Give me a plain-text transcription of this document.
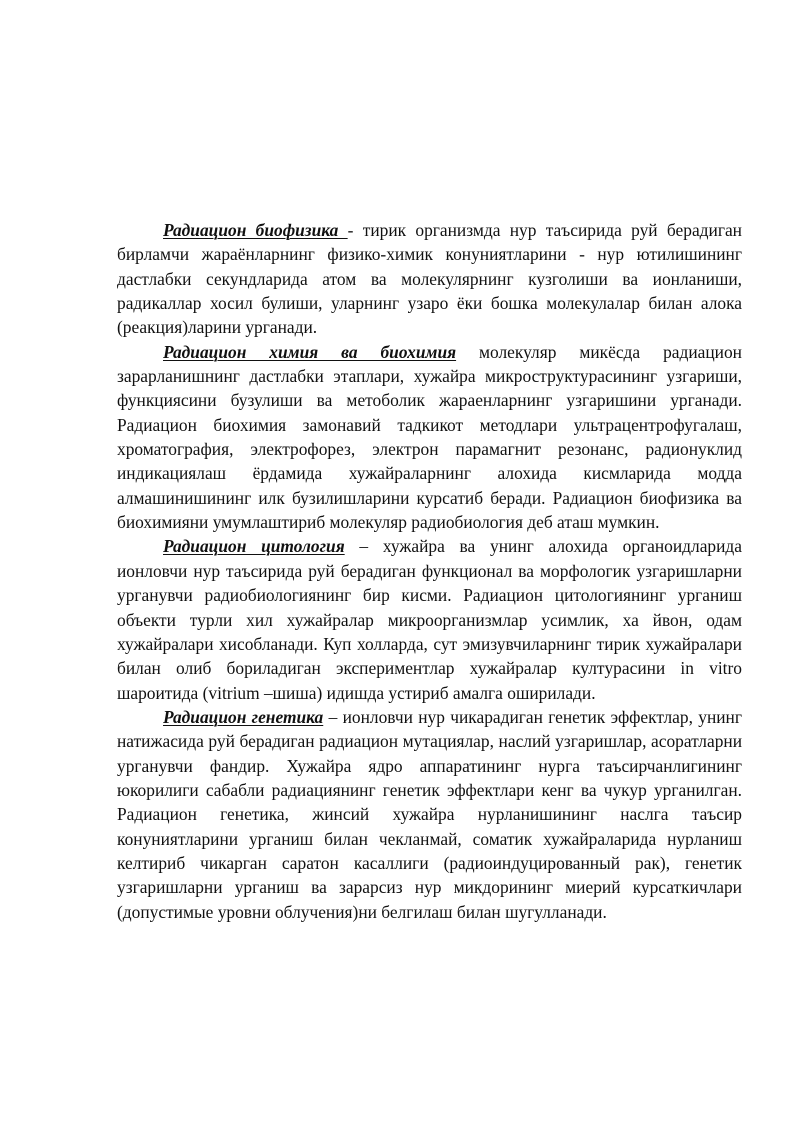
Радиацион биофизика - тирик организмда нур таъсирида руй берадиган бирламчи жараёнларнинг физико-химик конуниятларини - нур ютилишининг дастлабки секундларида атом ва молекулярнинг кузголиши ва ионланиши, радикаллар хосил булиши, уларнинг узаро ёки бошка молекулалар билан алока (реакция)ларини урганади.

Радиацион химия ва биохимия молекуляр микёсда радиацион зарарланишнинг дастлабки этаплари, хужайра микроструктурасининг узгариши, функциясини бузулиши ва метоболик жараенларнинг узгаришини урганади. Радиацион биохимия замонавий тадкикот методлари ультрацентрофугалаш, хроматография, электрофорез, электрон парамагнит резонанс, радионуклид индикациялаш ёрдамида хужайраларнинг алохида кисмларида модда алмашинишининг илк бузилишларини курсатиб беради. Радиацион биофизика ва биохимияни умумлаштириб молекуляр радиобиология деб аташ мумкин.

Радиацион цитология – хужайра ва унинг алохида органоидларида ионловчи нур таъсирида руй берадиган функционал ва морфологик узгаришларни урганувчи радиобиологиянинг бир кисми. Радиацион цитологиянинг урганиш объекти турли хил хужайралар микроорганизмлар усимлик, ха йвон, одам хужайралари хисобланади. Куп холларда, сут эмизувчиларнинг тирик хужайралари билан олиб бориладиган экспериментлар хужайралар култyрасини in vitro шароитида (vitrium –шиша) идишда устириб амалга оширилади.

Радиацион генетика – ионловчи нур чикарадиган генетик эффектлар, унинг натижасида руй берадиган радиацион мутациялар, наслий узгаришлар, асоратларни урганувчи фандир. Хужайра ядро аппаратининг нурга таъсирчанлигининг юкорилиги сабабли радиациянинг генетик эффектлари кенг ва чукур урганилган. Радиацион генетика, жинсий хужайра нурланишининг наслга таъсир конуниятларини урганиш билан чекланмай, соматик хужайраларида нурланиш келтириб чикарган саратон касаллиги (радиоиндуцированный рак), генетик узгаришларни урганиш ва зарарсиз нур микдорининг миерий курсаткичлари (допустимые уровни облучения)ни белгилаш билан шугулланади.
